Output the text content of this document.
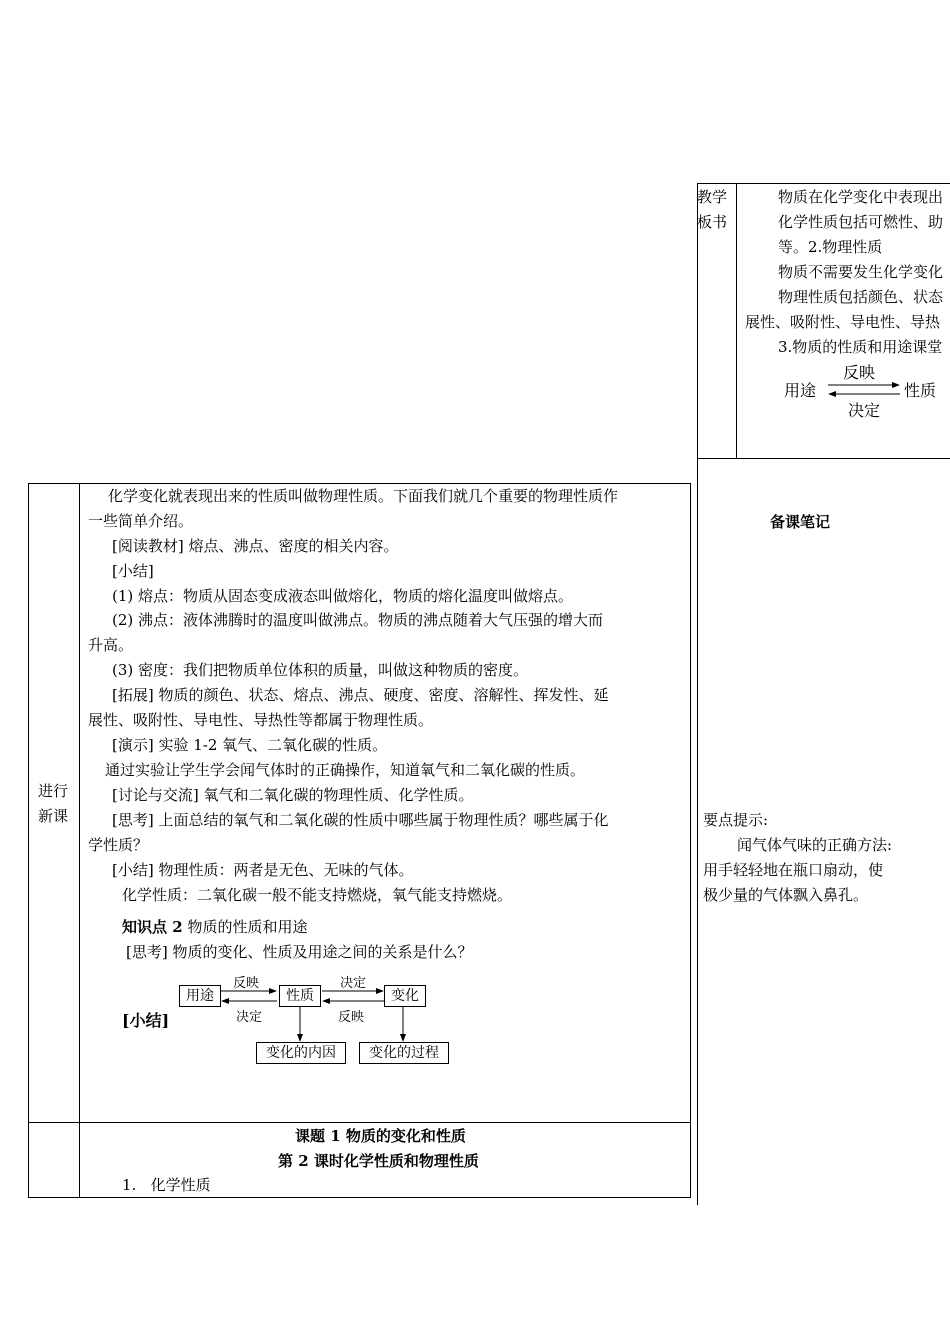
教学
板书
物质在化学变化中表现出
化学性质包括可燃性、助
等。2.物理性质
物质不需要发生化学变化
物理性质包括颜色、状态
展性、吸附性、导电性、导热
3.物质的性质和用途课堂
反映
用途	性质
决定
备课笔记
要点提示:
闻气体气味的正确方法:
用手轻轻地在瓶口扇动，使
极少量的气体飘入鼻孔。
进行
新课
化学变化就表现出来的性质叫做物理性质。下面我们就几个重要的物理性质作
一些简单介绍。
[阅读教材] 熔点、沸点、密度的相关内容。
[小结]
(1) 熔点：物质从固态变成液态叫做熔化，物质的熔化温度叫做熔点。
(2) 沸点：液体沸腾时的温度叫做沸点。物质的沸点随着大气压强的增大而
升高。
(3) 密度：我们把物质单位体积的质量，叫做这种物质的密度。
[拓展] 物质的颜色、状态、熔点、沸点、硬度、密度、溶解性、挥发性、延
展性、吸附性、导电性、导热性等都属于物理性质。
[演示] 实验 1-2 氧气、二氧化碳的性质。
通过实验让学生学会闻气体时的正确操作，知道氧气和二氧化碳的性质。
[讨论与交流] 氧气和二氧化碳的物理性质、化学性质。
[思考] 上面总结的氧气和二氧化碳的性质中哪些属于物理性质？哪些属于化
学性质？
[小结] 物理性质：两者是无色、无味的气体。
化学性质：二氧化碳一般不能支持燃烧，氧气能支持燃烧。
知识点 2 物质的性质和用途
[思考] 物质的变化、性质及用途之间的关系是什么？
[小结]
用途	性质	变化
变化的内因	变化的过程
反映
决定
决定
反映
课题 1 物质的变化和性质
第 2 课时化学性质和物理性质
1. 化学性质
